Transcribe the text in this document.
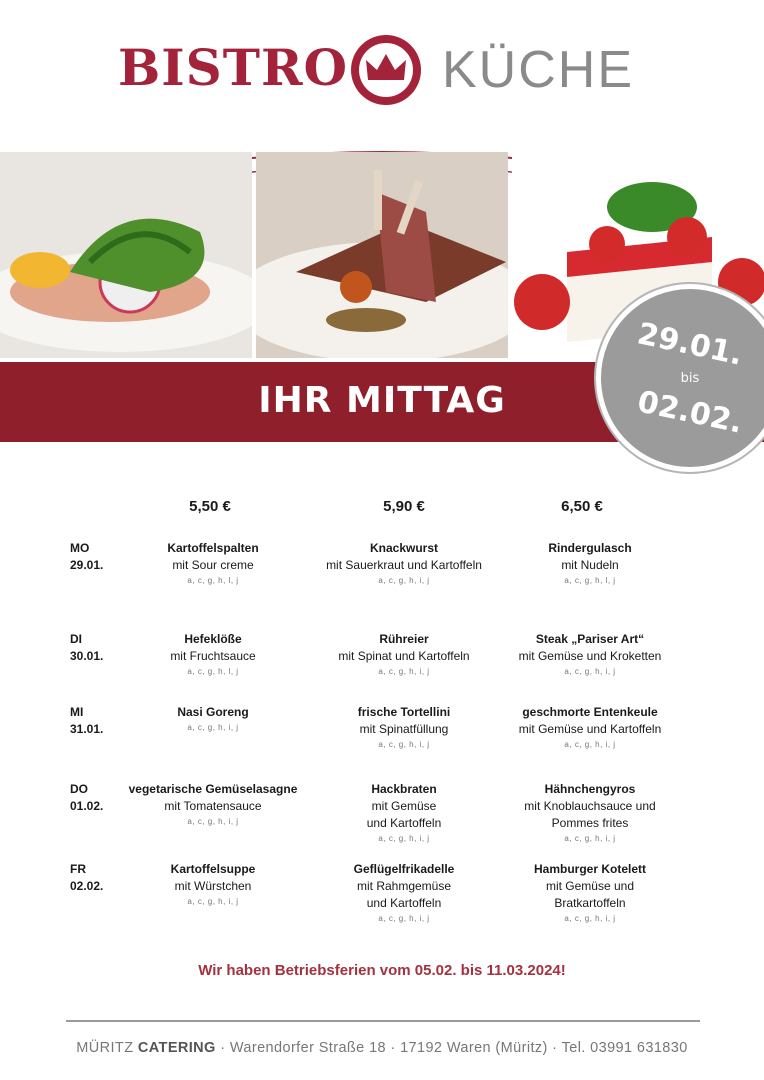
BISTRO KÜCHE
IHR MITTAG
29.01.
bis
02.02.
5,50 €	5,90 €	6,50 €
MO
29.01.
Kartoffelspalten
mit Sour creme
a, c, g, h, l, j
Knackwurst
mit Sauerkraut und Kartoffeln
a, c, g, h, i, j
Rindergulasch
mit Nudeln
a, c, g, h, l, j
DI
30.01.
Hefeklöße
mit Fruchtsauce
a, c, g, h, l, j
Rühreier
mit Spinat und Kartoffeln
a, c, g, h, i, j
Steak „Pariser Art“
mit Gemüse und Kroketten
a, c, g, h, i, j
MI
31.01.
Nasi Goreng
a, c, g, h, i, j
frische Tortellini
mit Spinatfüllung
a, c, g, h, i, j
geschmorte Entenkeule
mit Gemüse und Kartoffeln
a, c, g, h, i, j
DO
01.02.
vegetarische Gemüselasagne
mit Tomatensauce
a, c, g, h, i, j
Hackbraten
mit Gemüse
und Kartoffeln
a, c, g, h, i, j
Hähnchengyros
mit Knoblauchsauce und
Pommes frites
a, c, g, h, i, j
FR
02.02.
Kartoffelsuppe
mit Würstchen
a, c, g, h, i, j
Geflügelfrikadelle
mit Rahmgemüse
und Kartoffeln
a, c, g, h, i, j
Hamburger Kotelett
mit Gemüse und
Bratkartoffeln
a, c, g, h, i, j
Wir haben Betriebsferien vom 05.02. bis 11.03.2024!
MÜRITZ CATERING · Warendorfer Straße 18 · 17192 Waren (Müritz) · Tel. 03991 631830
